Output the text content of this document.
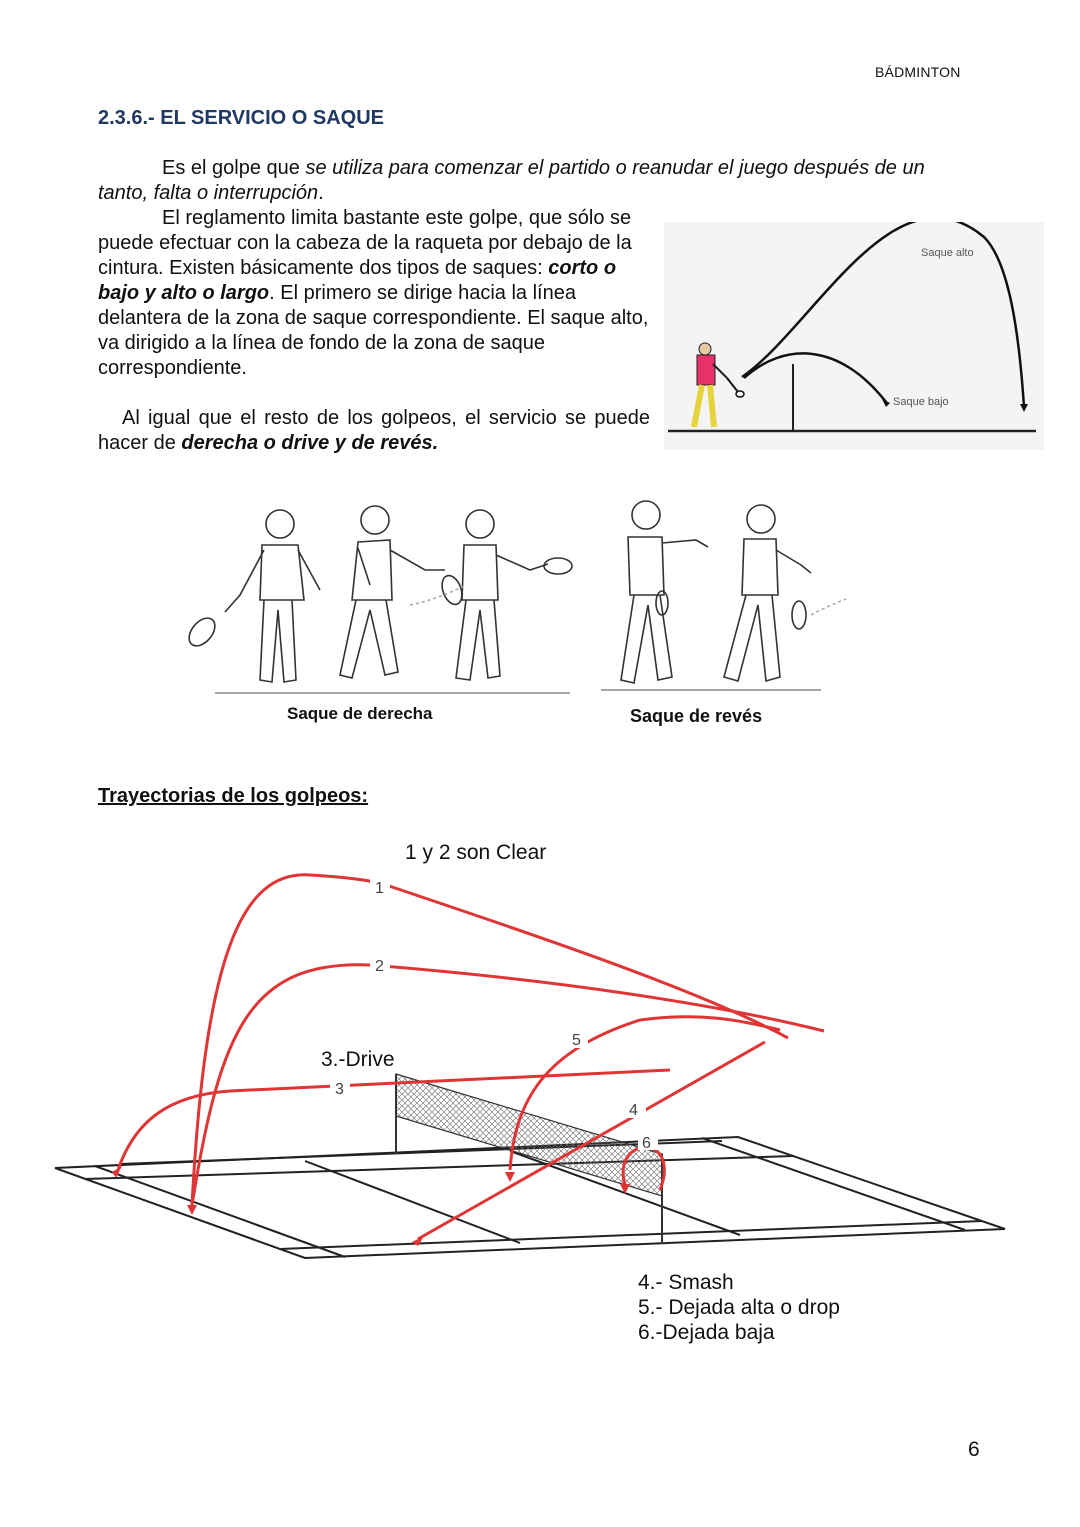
BÁDMINTON
2.3.6.- EL SERVICIO O SAQUE

Es el golpe que se utiliza para comenzar el partido o reanudar el juego después de un tanto, falta o interrupción.

El reglamento limita bastante este golpe, que sólo se puede efectuar con la cabeza de la raqueta por debajo de la cintura. Existen básicamente dos tipos de saques: corto o bajo y alto o largo. El primero se dirige hacia la línea delantera de la zona de saque correspondiente. El saque alto, va dirigido a la línea de fondo de la zona de saque correspondiente.

Al igual que el resto de los golpeos, el servicio se puede hacer de derecha o drive y de revés.

Saque alto
Saque bajo
Saque de derecha	Saque de revés
Trayectorias de los golpeos:
1 y 2 son Clear
3.-Drive
1
2
3
4
5
6
4.- Smash
5.- Dejada alta o drop
6.-Dejada baja
6
